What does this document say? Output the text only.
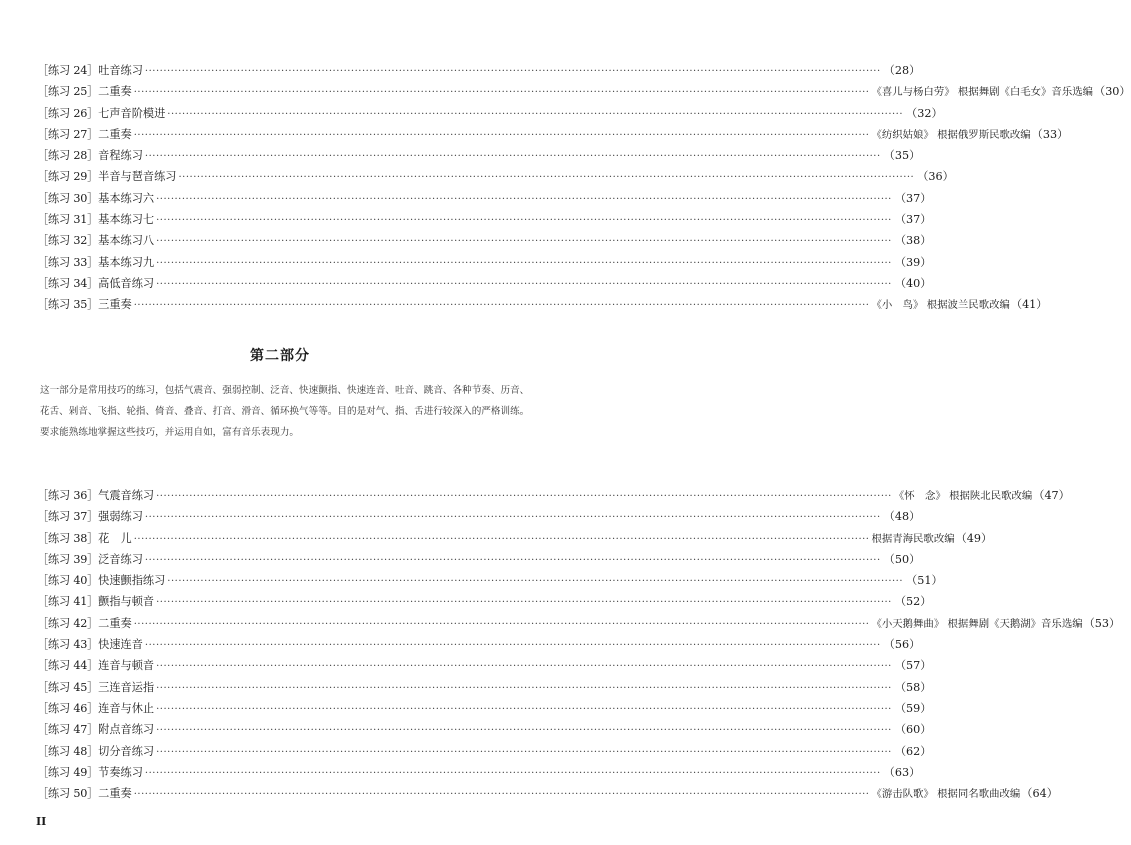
［练习 24］ 吐音练习 ········································································································································································································ （28）
［练习 25］ 二重奏 ········································································································································································································ 《喜儿与杨白劳》 根据舞剧《白毛女》音乐选编 （30）
［练习 26］ 七声音阶模进 ········································································································································································································ （32）
［练习 27］ 二重奏 ········································································································································································································ 《纺织姑娘》 根据俄罗斯民歌改编 （33）
［练习 28］ 音程练习 ········································································································································································································ （35）
［练习 29］ 半音与琶音练习 ········································································································································································································ （36）
［练习 30］ 基本练习六 ········································································································································································································ （37）
［练习 31］ 基本练习七 ········································································································································································································ （37）
［练习 32］ 基本练习八 ········································································································································································································ （38）
［练习 33］ 基本练习九 ········································································································································································································ （39）
［练习 34］ 高低音练习 ········································································································································································································ （40）
［练习 35］ 三重奏 ········································································································································································································ 《小　鸟》 根据波兰民歌改编 （41）
第二部分
这一部分是常用技巧的练习，包括气震音、强弱控制、泛音、快速颤指、快速连音、吐音、跳音、各种节奏、历音、花舌、剁音、飞指、轮指、倚音、叠音、打音、滑音、循环换气等等。目的是对气、指、舌进行较深入的严格训练。要求能熟练地掌握这些技巧，并运用自如，富有音乐表现力。
［练习 36］ 气震音练习 ········································································································································································································ 《怀　念》 根据陕北民歌改编 （47）
［练习 37］ 强弱练习 ········································································································································································································ （48）
［练习 38］ 花　儿 ········································································································································································································ 根据青海民歌改编 （49）
［练习 39］ 泛音练习 ········································································································································································································ （50）
［练习 40］ 快速颤指练习 ········································································································································································································ （51）
［练习 41］ 颤指与顿音 ········································································································································································································ （52）
［练习 42］ 二重奏 ········································································································································································································ 《小天鹅舞曲》 根据舞剧《天鹅湖》音乐选编 （53）
［练习 43］ 快速连音 ········································································································································································································ （56）
［练习 44］ 连音与顿音 ········································································································································································································ （57）
［练习 45］ 三连音运指 ········································································································································································································ （58）
［练习 46］ 连音与休止 ········································································································································································································ （59）
［练习 47］ 附点音练习 ········································································································································································································ （60）
［练习 48］ 切分音练习 ········································································································································································································ （62）
［练习 49］ 节奏练习 ········································································································································································································ （63）
［练习 50］ 二重奏 ········································································································································································································ 《游击队歌》 根据同名歌曲改编 （64）
II
